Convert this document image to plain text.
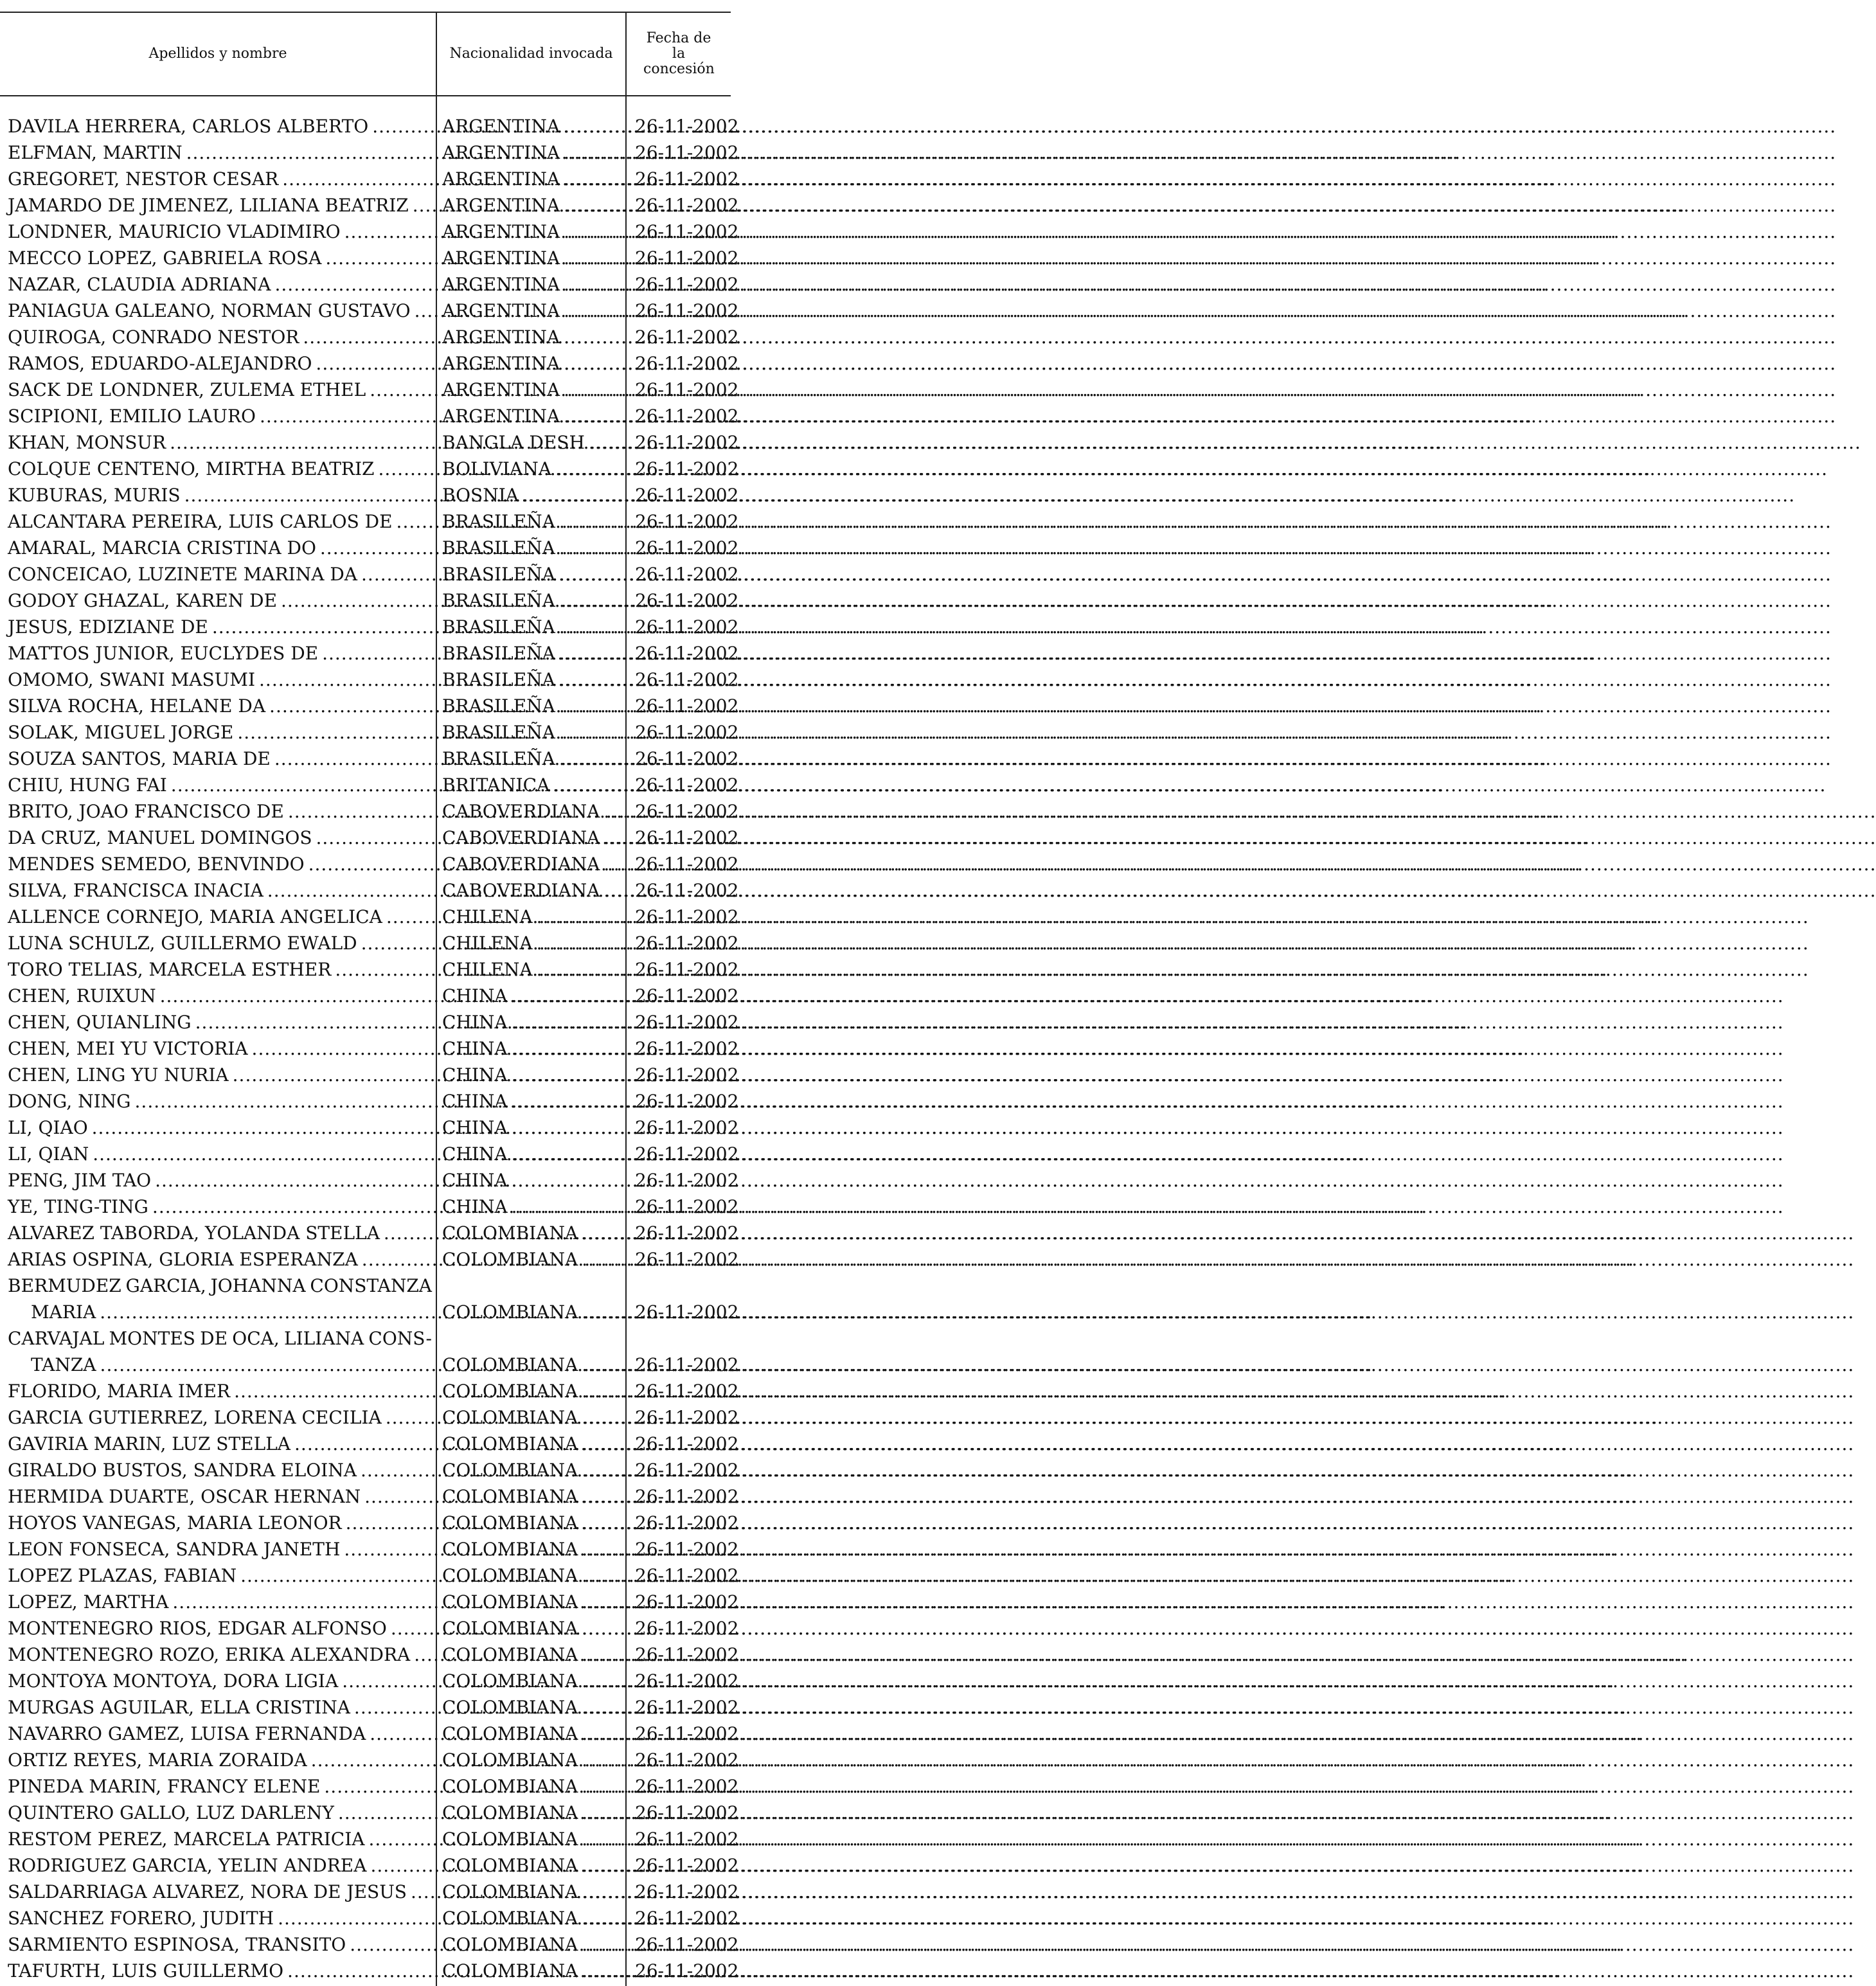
Apellidos y nombre	Nacionalidad invocada
Fecha de la concesión
DAVILA HERRERA, CARLOS ALBERTO .....	ARGENTINA .....	26-11-2002
ELFMAN, MARTIN .....	ARGENTINA .....	26-11-2002
GREGORET, NESTOR CESAR .....	ARGENTINA .....	26-11-2002
JAMARDO DE JIMENEZ, LILIANA BEATRIZ ..... ARGENTINA .....	26-11-2002
LONDNER, MAURICIO VLADIMIRO .....	ARGENTINA .....	26-11-2002
MECCO LOPEZ, GABRIELA ROSA .....	ARGENTINA .....	26-11-2002
NAZAR, CLAUDIA ADRIANA .....	ARGENTINA .....	26-11-2002
PANIAGUA GALEANO, NORMAN GUSTAVO ..... ARGENTINA .....	26-11-2002
QUIROGA, CONRADO NESTOR .....	ARGENTINA .....	26-11-2002
RAMOS, EDUARDO-ALEJANDRO .....	ARGENTINA .....	26-11-2002
SACK DE LONDNER, ZULEMA ETHEL .....	ARGENTINA .....	26-11-2002
SCIPIONI, EMILIO LAURO .....	ARGENTINA .....	26-11-2002
KHAN, MONSUR .....	BANGLA DESH .....	26-11-2002
COLQUE CENTENO, MIRTHA BEATRIZ .....	BOLIVIANA .....	26-11-2002
KUBURAS, MURIS .....	BOSNIA .....	26-11-2002
ALCANTARA PEREIRA, LUIS CARLOS DE .....	BRASILEÑA .....	26-11-2002
AMARAL, MARCIA CRISTINA DO .....	BRASILEÑA .....	26-11-2002
CONCEICAO, LUZINETE MARINA DA .....	BRASILEÑA .....	26-11-2002
GODOY GHAZAL, KAREN DE .....	BRASILEÑA .....	26-11-2002
JESUS, EDIZIANE DE .....	BRASILEÑA .....	26-11-2002
MATTOS JUNIOR, EUCLYDES DE .....	BRASILEÑA .....	26-11-2002
OMOMO, SWANI MASUMI .....	BRASILEÑA .....	26-11-2002
SILVA ROCHA, HELANE DA .....	BRASILEÑA .....	26-11-2002
SOLAK, MIGUEL JORGE .....	BRASILEÑA .....	26-11-2002
SOUZA SANTOS, MARIA DE .....	BRASILEÑA .....	26-11-2002
CHIU, HUNG FAI .....	BRITANICA .....	26-11-2002
BRITO, JOAO FRANCISCO DE .....	CABOVERDIANA ..... 26-11-2002
DA CRUZ, MANUEL DOMINGOS .....	CABOVERDIANA ..... 26-11-2002
MENDES SEMEDO, BENVINDO .....	CABOVERDIANA ..... 26-11-2002
SILVA, FRANCISCA INACIA .....	CABOVERDIANA ..... 26-11-2002
ALLENCE CORNEJO, MARIA ANGELICA .....	CHILENA .....	26-11-2002
LUNA SCHULZ, GUILLERMO EWALD .....	CHILENA .....	26-11-2002
TORO TELIAS, MARCELA ESTHER .....	CHILENA .....	26-11-2002
CHEN, RUIXUN .....	CHINA .....	26-11-2002
CHEN, QUIANLING .....	CHINA .....	26-11-2002
CHEN, MEI YU VICTORIA .....	CHINA .....	26-11-2002
CHEN, LING YU NURIA .....	CHINA .....	26-11-2002
DONG, NING .....	CHINA .....	26-11-2002
LI, QIAO .....	CHINA .....	26-11-2002
LI, QIAN .....	CHINA .....	26-11-2002
PENG, JIM TAO .....	CHINA .....	26-11-2002
YE, TING-TING .....	CHINA .....	26-11-2002
ALVAREZ TABORDA, YOLANDA STELLA .....	COLOMBIANA .....	26-11-2002
ARIAS OSPINA, GLORIA ESPERANZA .....	COLOMBIANA .....	26-11-2002
BERMUDEZ GARCIA, JOHANNA CONSTANZA
MARIA .....	COLOMBIANA .....	26-11-2002
CARVAJAL MONTES DE OCA, LILIANA CONS-
TANZA .....	COLOMBIANA .....	26-11-2002
FLORIDO, MARIA IMER .....	COLOMBIANA .....	26-11-2002
GARCIA GUTIERREZ, LORENA CECILIA .....	COLOMBIANA .....	26-11-2002
GAVIRIA MARIN, LUZ STELLA .....	COLOMBIANA .....	26-11-2002
GIRALDO BUSTOS, SANDRA ELOINA .....	COLOMBIANA .....	26-11-2002
HERMIDA DUARTE, OSCAR HERNAN .....	COLOMBIANA .....	26-11-2002
HOYOS VANEGAS, MARIA LEONOR .....	COLOMBIANA .....	26-11-2002
LEON FONSECA, SANDRA JANETH .....	COLOMBIANA .....	26-11-2002
LOPEZ PLAZAS, FABIAN .....	COLOMBIANA .....	26-11-2002
LOPEZ, MARTHA .....	COLOMBIANA .....	26-11-2002
MONTENEGRO RIOS, EDGAR ALFONSO .....	COLOMBIANA .....	26-11-2002
MONTENEGRO ROZO, ERIKA ALEXANDRA ..... COLOMBIANA .....	26-11-2002
MONTOYA MONTOYA, DORA LIGIA .....	COLOMBIANA .....	26-11-2002
MURGAS AGUILAR, ELLA CRISTINA .....	COLOMBIANA .....	26-11-2002
NAVARRO GAMEZ, LUISA FERNANDA .....	COLOMBIANA .....	26-11-2002
ORTIZ REYES, MARIA ZORAIDA .....	COLOMBIANA .....	26-11-2002
PINEDA MARIN, FRANCY ELENE .....	COLOMBIANA .....	26-11-2002
QUINTERO GALLO, LUZ DARLENY .....	COLOMBIANA .....	26-11-2002
RESTOM PEREZ, MARCELA PATRICIA .....	COLOMBIANA .....	26-11-2002
RODRIGUEZ GARCIA, YELIN ANDREA .....	COLOMBIANA .....	26-11-2002
SALDARRIAGA ALVAREZ, NORA DE JESUS ..... COLOMBIANA .....	26-11-2002
SANCHEZ FORERO, JUDITH .....	COLOMBIANA .....	26-11-2002
SARMIENTO ESPINOSA, TRANSITO .....	COLOMBIANA .....	26-11-2002
TAFURTH, LUIS GUILLERMO .....	COLOMBIANA .....	26-11-2002
